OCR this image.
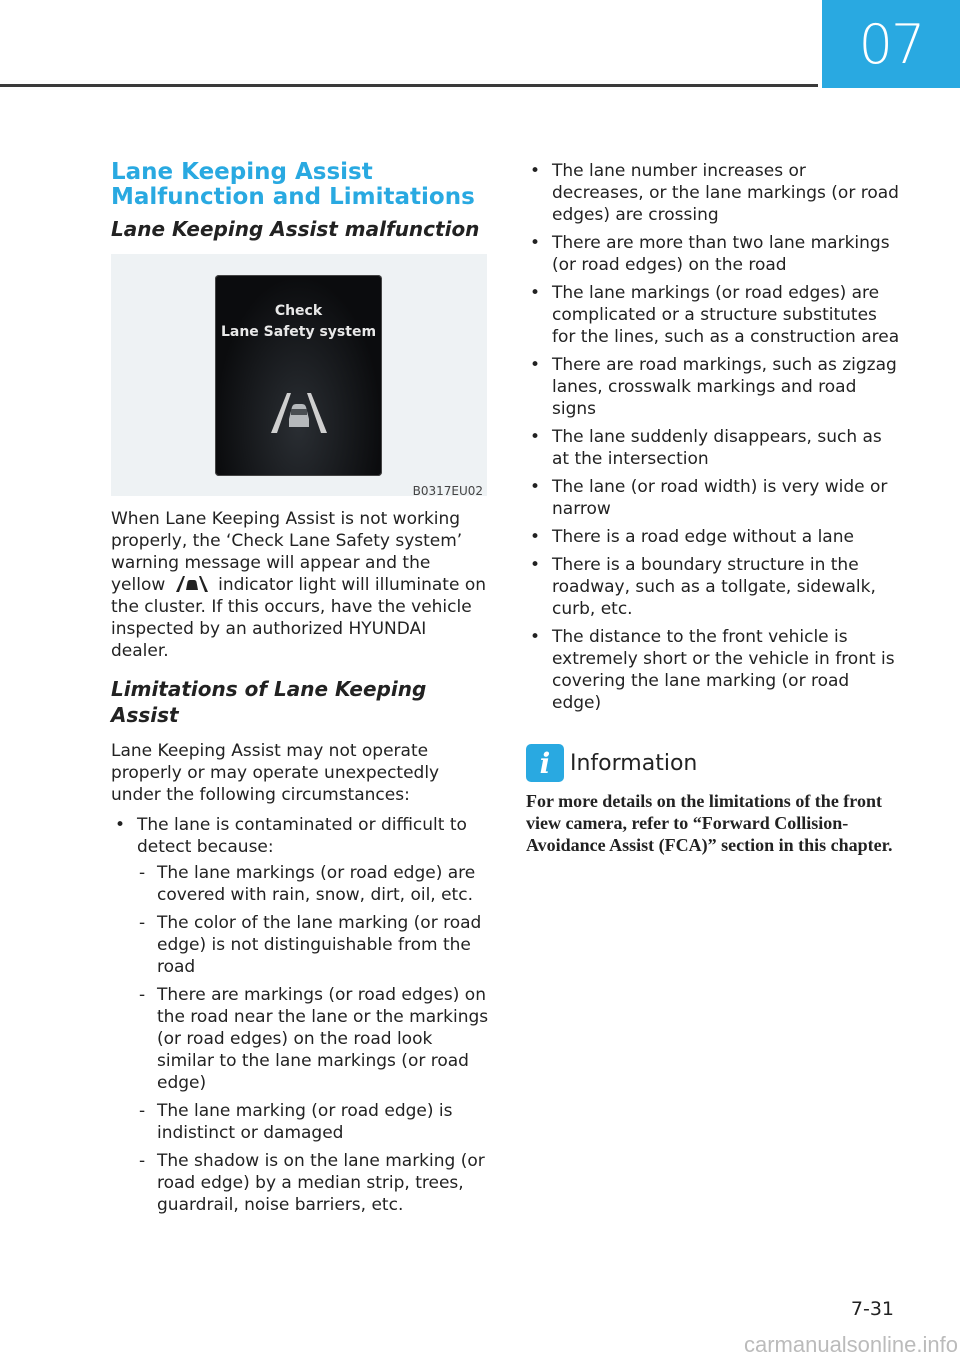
07
Lane Keeping Assist Malfunction and Limitations
Lane Keeping Assist malfunction
Check
Lane Safety system
B0317EU02

When Lane Keeping Assist is not working properly, the ‘Check Lane Safety system’ warning message will appear and the yellow	indicator light will illuminate on the cluster. If this occurs, have the vehicle inspected by an authorized HYUNDAI dealer.

Limitations of Lane Keeping Assist

Lane Keeping Assist may not operate properly or may operate unexpectedly under the following circumstances:

• The lane is contaminated or difficult to detect because:
- The lane markings (or road edge) are covered with rain, snow, dirt, oil, etc.
- The color of the lane marking (or road edge) is not distinguishable from the road
- There are markings (or road edges) on the road near the lane or the markings (or road edges) on the road look similar to the lane markings (or road edge)
- The lane marking (or road edge) is indistinct or damaged
- The shadow is on the lane marking (or road edge) by a median strip, trees, guardrail, noise barriers, etc.
• The lane number increases or decreases, or the lane markings (or road edges) are crossing
• There are more than two lane markings (or road edges) on the road
• The lane markings (or road edges) are complicated or a structure substitutes for the lines, such as a construction area
• There are road markings, such as zigzag lanes, crosswalk markings and road signs
• The lane suddenly disappears, such as at the intersection
• The lane (or road width) is very wide or narrow
• There is a road edge without a lane
• There is a boundary structure in the roadway, such as a tollgate, sidewalk, curb, etc.
• The distance to the front vehicle is extremely short or the vehicle in front is covering the lane marking (or road edge)
i Information

For more details on the limitations of the front view camera, refer to “Forward Collision-Avoidance Assist (FCA)” section in this chapter.

7-31
carmanualsonline.info
